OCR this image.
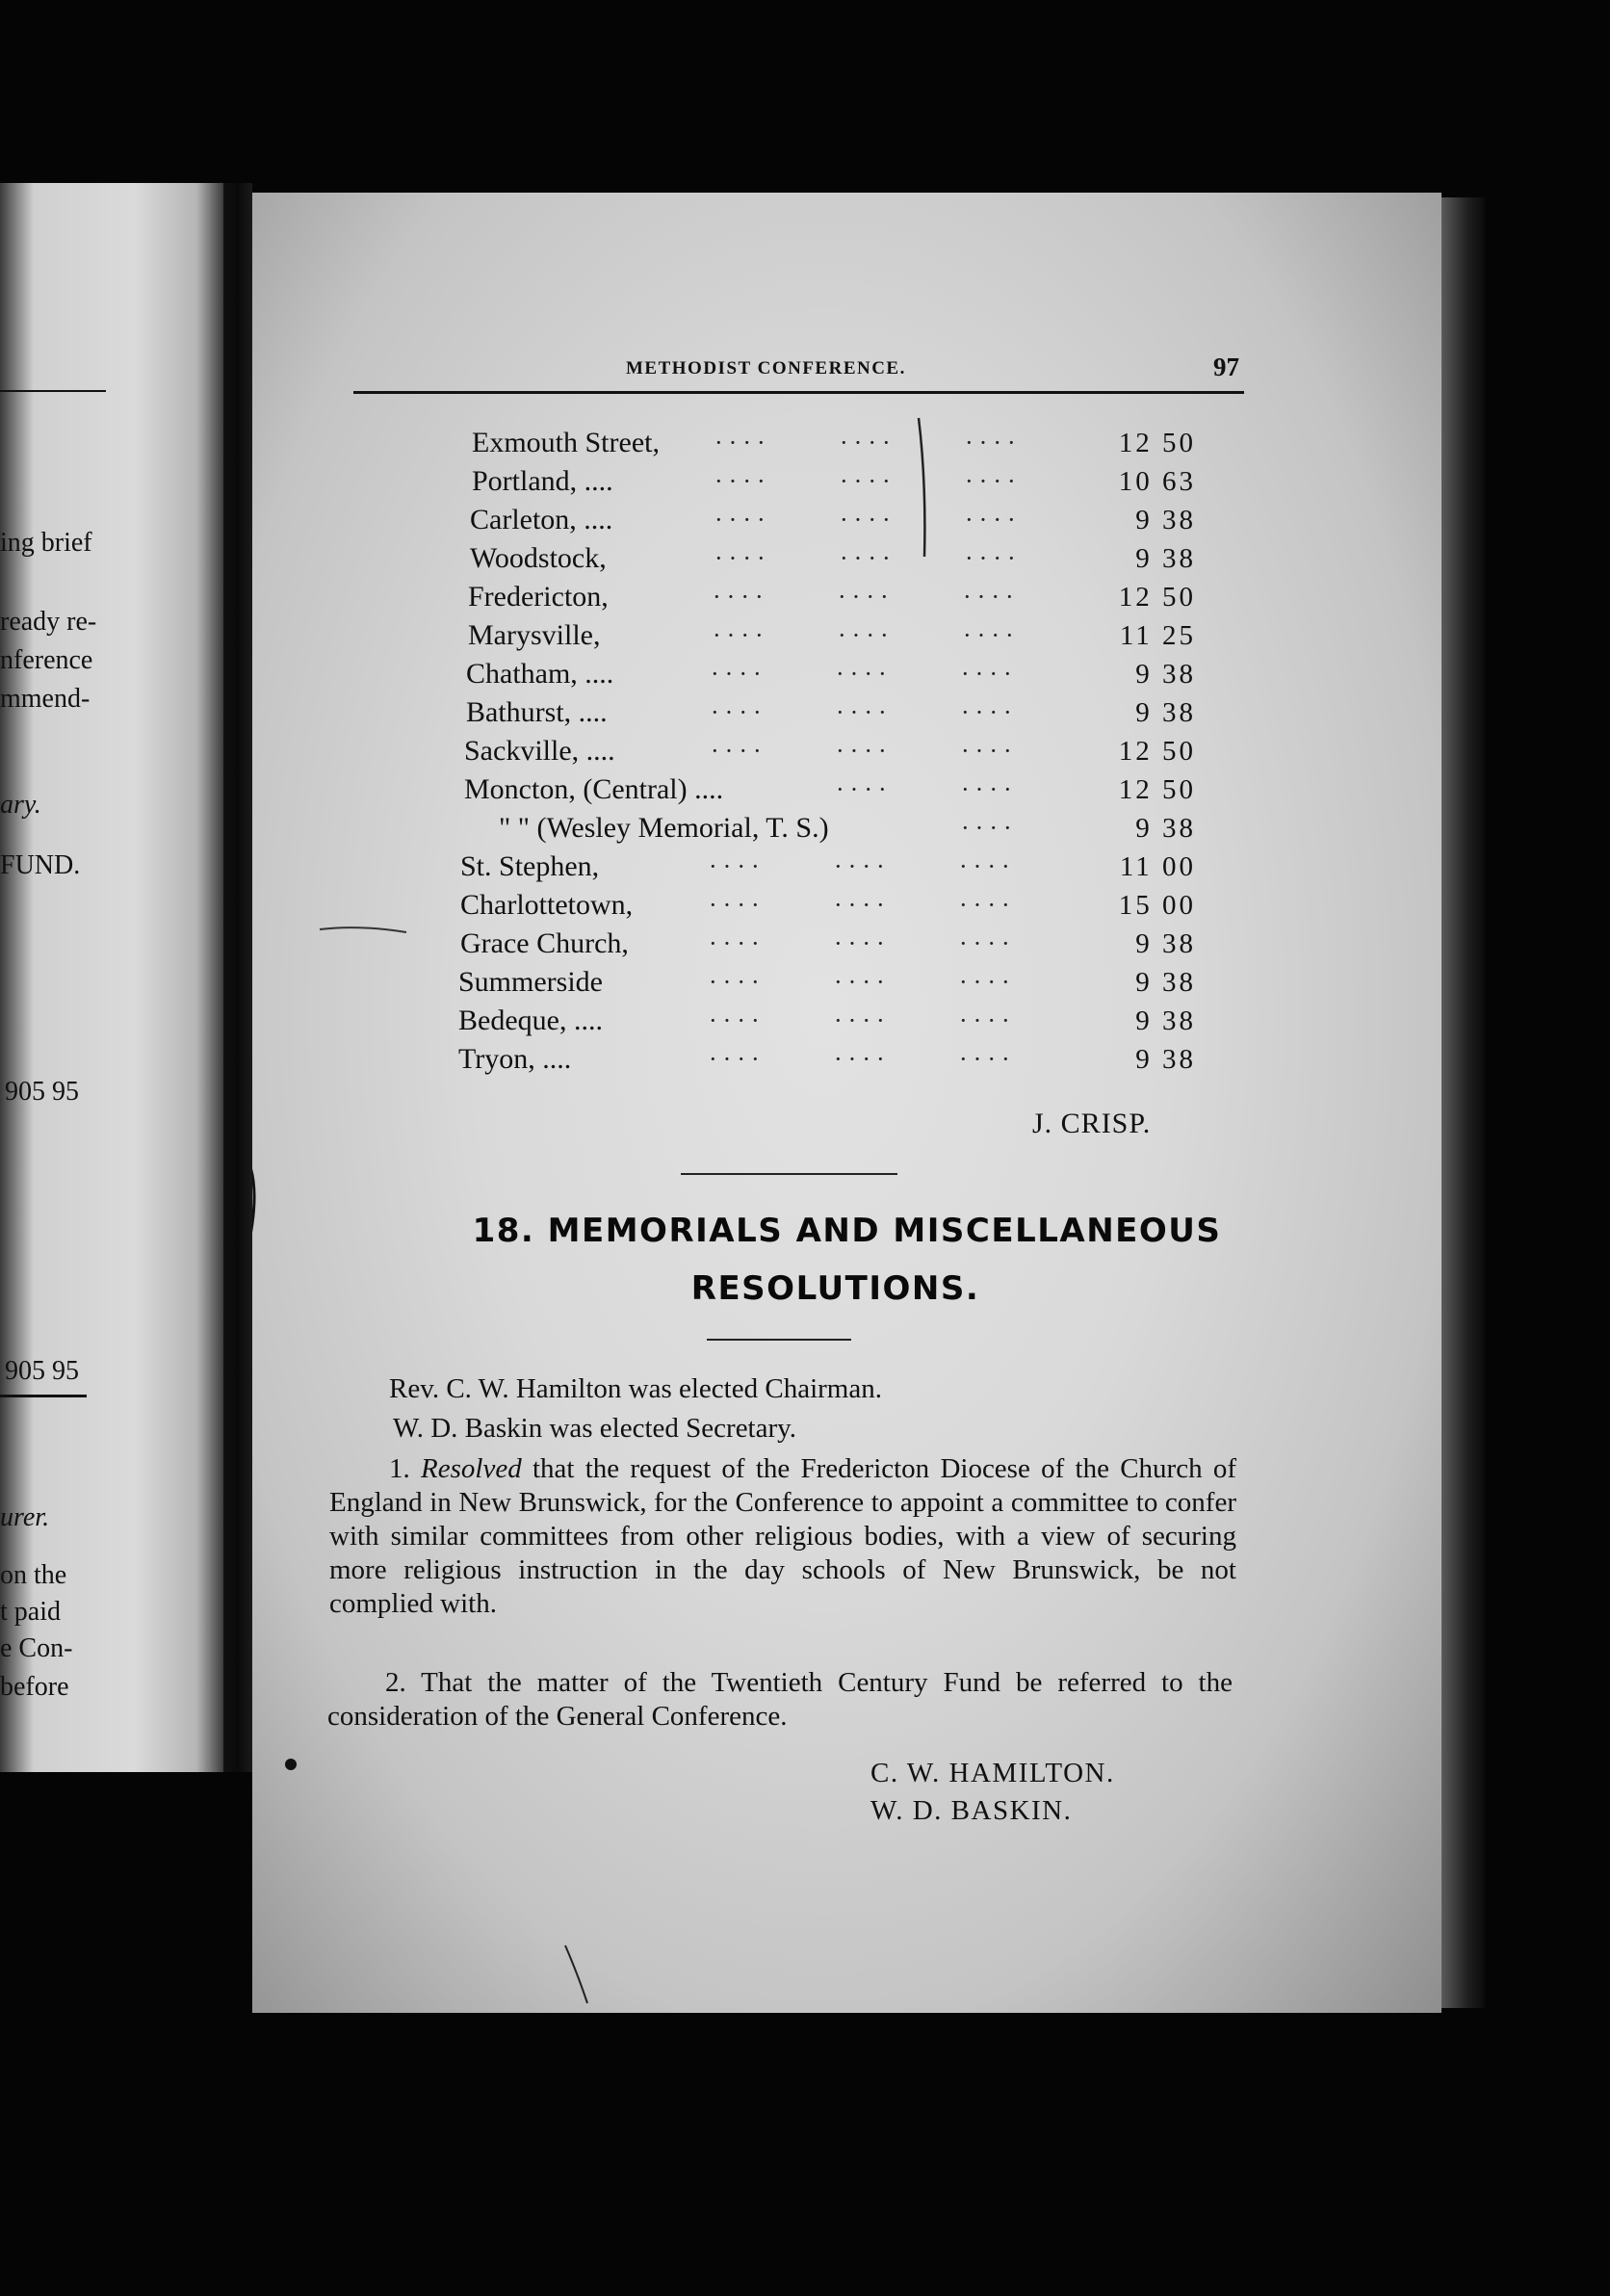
ing brief
ready re-
nference
mmend-
ary.
FUND.
905 95
905 95
urer.
on the
t paid
e Con-
before
METHODIST CONFERENCE.	97
Exmouth Street, ····	····	····	12 50
Portland, ....	····	····	····	10 63
Carleton, ....	····	····	····	9 38
Woodstock,	····	····	····	9 38
Fredericton,	····	····	····	12 50
Marysville,	····	····	····	11 25
Chatham, ....	····	····	····	9 38
Bathurst, ....	····	····	····	9 38
Sackville, ....	····	····	····	12 50
Moncton, (Central) ....	····	····	12 50
" " (Wesley Memorial, T. S.)	····	9 38
St. Stephen,	····	····	····	11 00
Charlottetown,	····	····	····	15 00
Grace Church,	····	····	····	9 38
Summerside	····	····	····	9 38
Bedeque, ....	····	····	····	9 38
Tryon, ....	····	····	····	9 38
J. CRISP.
18. MEMORIALS AND MISCELLANEOUS
RESOLUTIONS.
Rev. C. W. Hamilton was elected Chairman.
W. D. Baskin was elected Secretary.
1. Resolved that the request of the Fredericton Diocese of the Church of England in New Brunswick, for the Conference to appoint a committee to confer with similar committees from other religious bodies, with a view of securing more religious instruction in the day schools of New Brunswick, be not complied with.
2. That the matter of the Twentieth Century Fund be referred to the consideration of the General Conference.
C. W. HAMILTON.
W. D. BASKIN.
